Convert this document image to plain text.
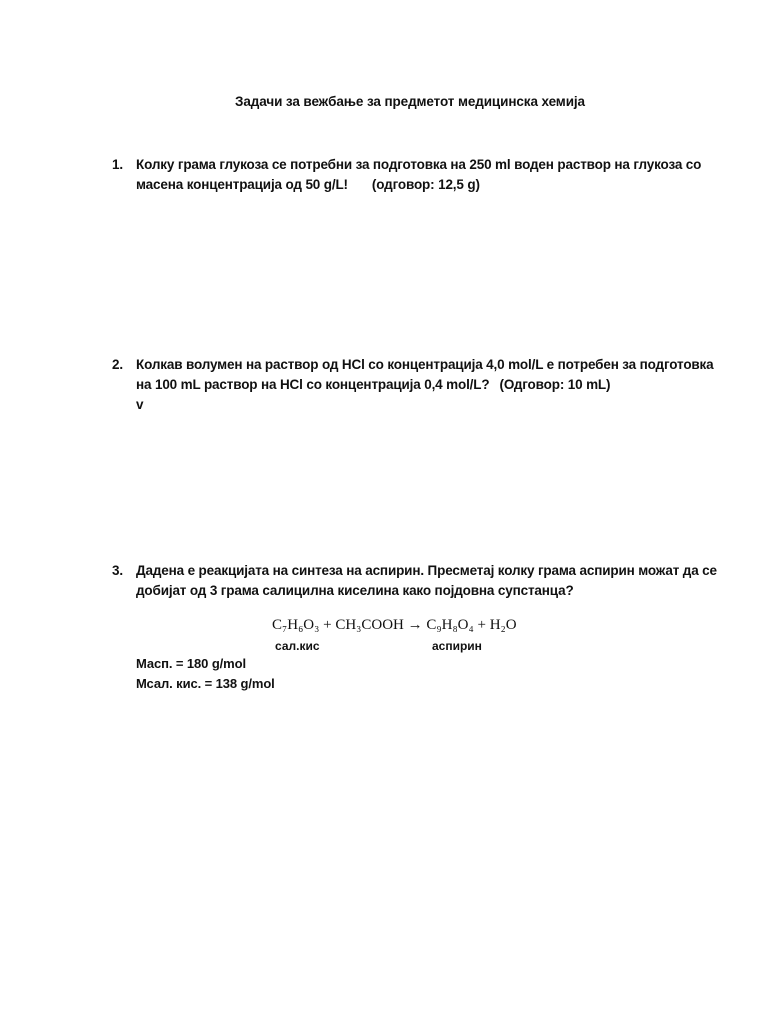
Задачи за вежбање за предметот медицинска хемија
1. Колку грама глукоза се потребни за подготовка на 250 ml воден раствор на глукоза со
масена концентрација од 50 g/L! (одговор: 12,5 g)
2. Колкав волумен на раствор од HCl со концентрација 4,0 mol/L е потребен за подготовка
на 100 mL раствор на HCl со концентрација 0,4 mol/L? (Одговор: 10 mL)
v
3. Дадена е реакцијата на синтеза на аспирин. Пресметај колку грама аспирин можат да се
добијат од 3 грама салицилна киселина како појдовна супстанца?
C₇H₆O₃ + CH₃COOH → C₉H₈O₄ + H₂O
сал.кис	аспирин
Масп. = 180 g/mol
Мсал. кис. = 138 g/mol
